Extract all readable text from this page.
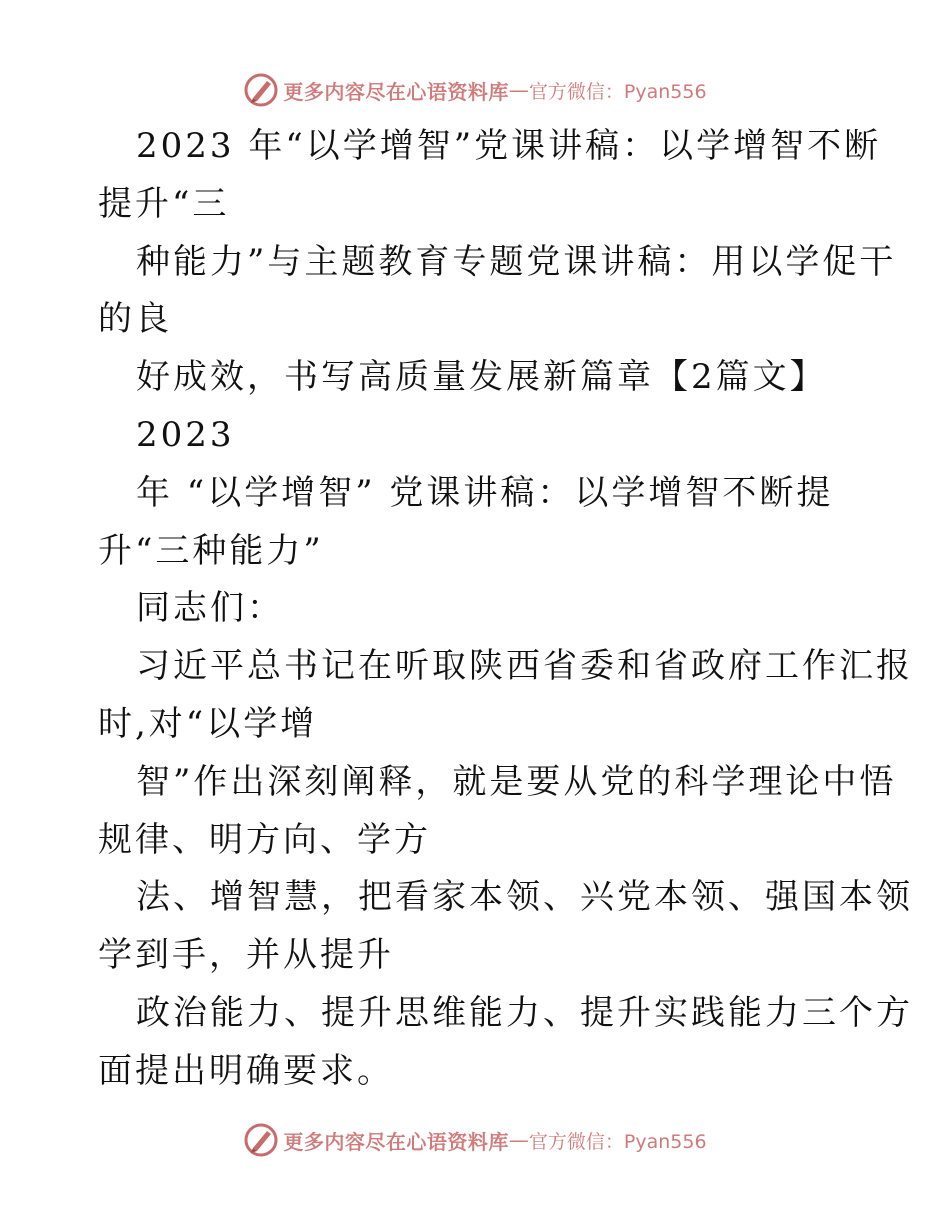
更多内容尽在心语资料库 — 官方微信：Pyan556
2023 年“以学增智”党课讲稿：以学增智不断
提升“三
种能力”与主题教育专题党课讲稿：用以学促干
的良
好成效，书写高质量发展新篇章【2篇文】
2023
年 “以学增智” 党课讲稿：以学增智不断提
升“三种能力”
同志们：
习近平总书记在听取陕西省委和省政府工作汇报
时,对“以学增
智”作出深刻阐释，就是要从党的科学理论中悟
规律、明方向、学方
法、增智慧，把看家本领、兴党本领、强国本领
学到手，并从提升
政治能力、提升思维能力、提升实践能力三个方
面提出明确要求。
更多内容尽在心语资料库 — 官方微信：Pyan556
